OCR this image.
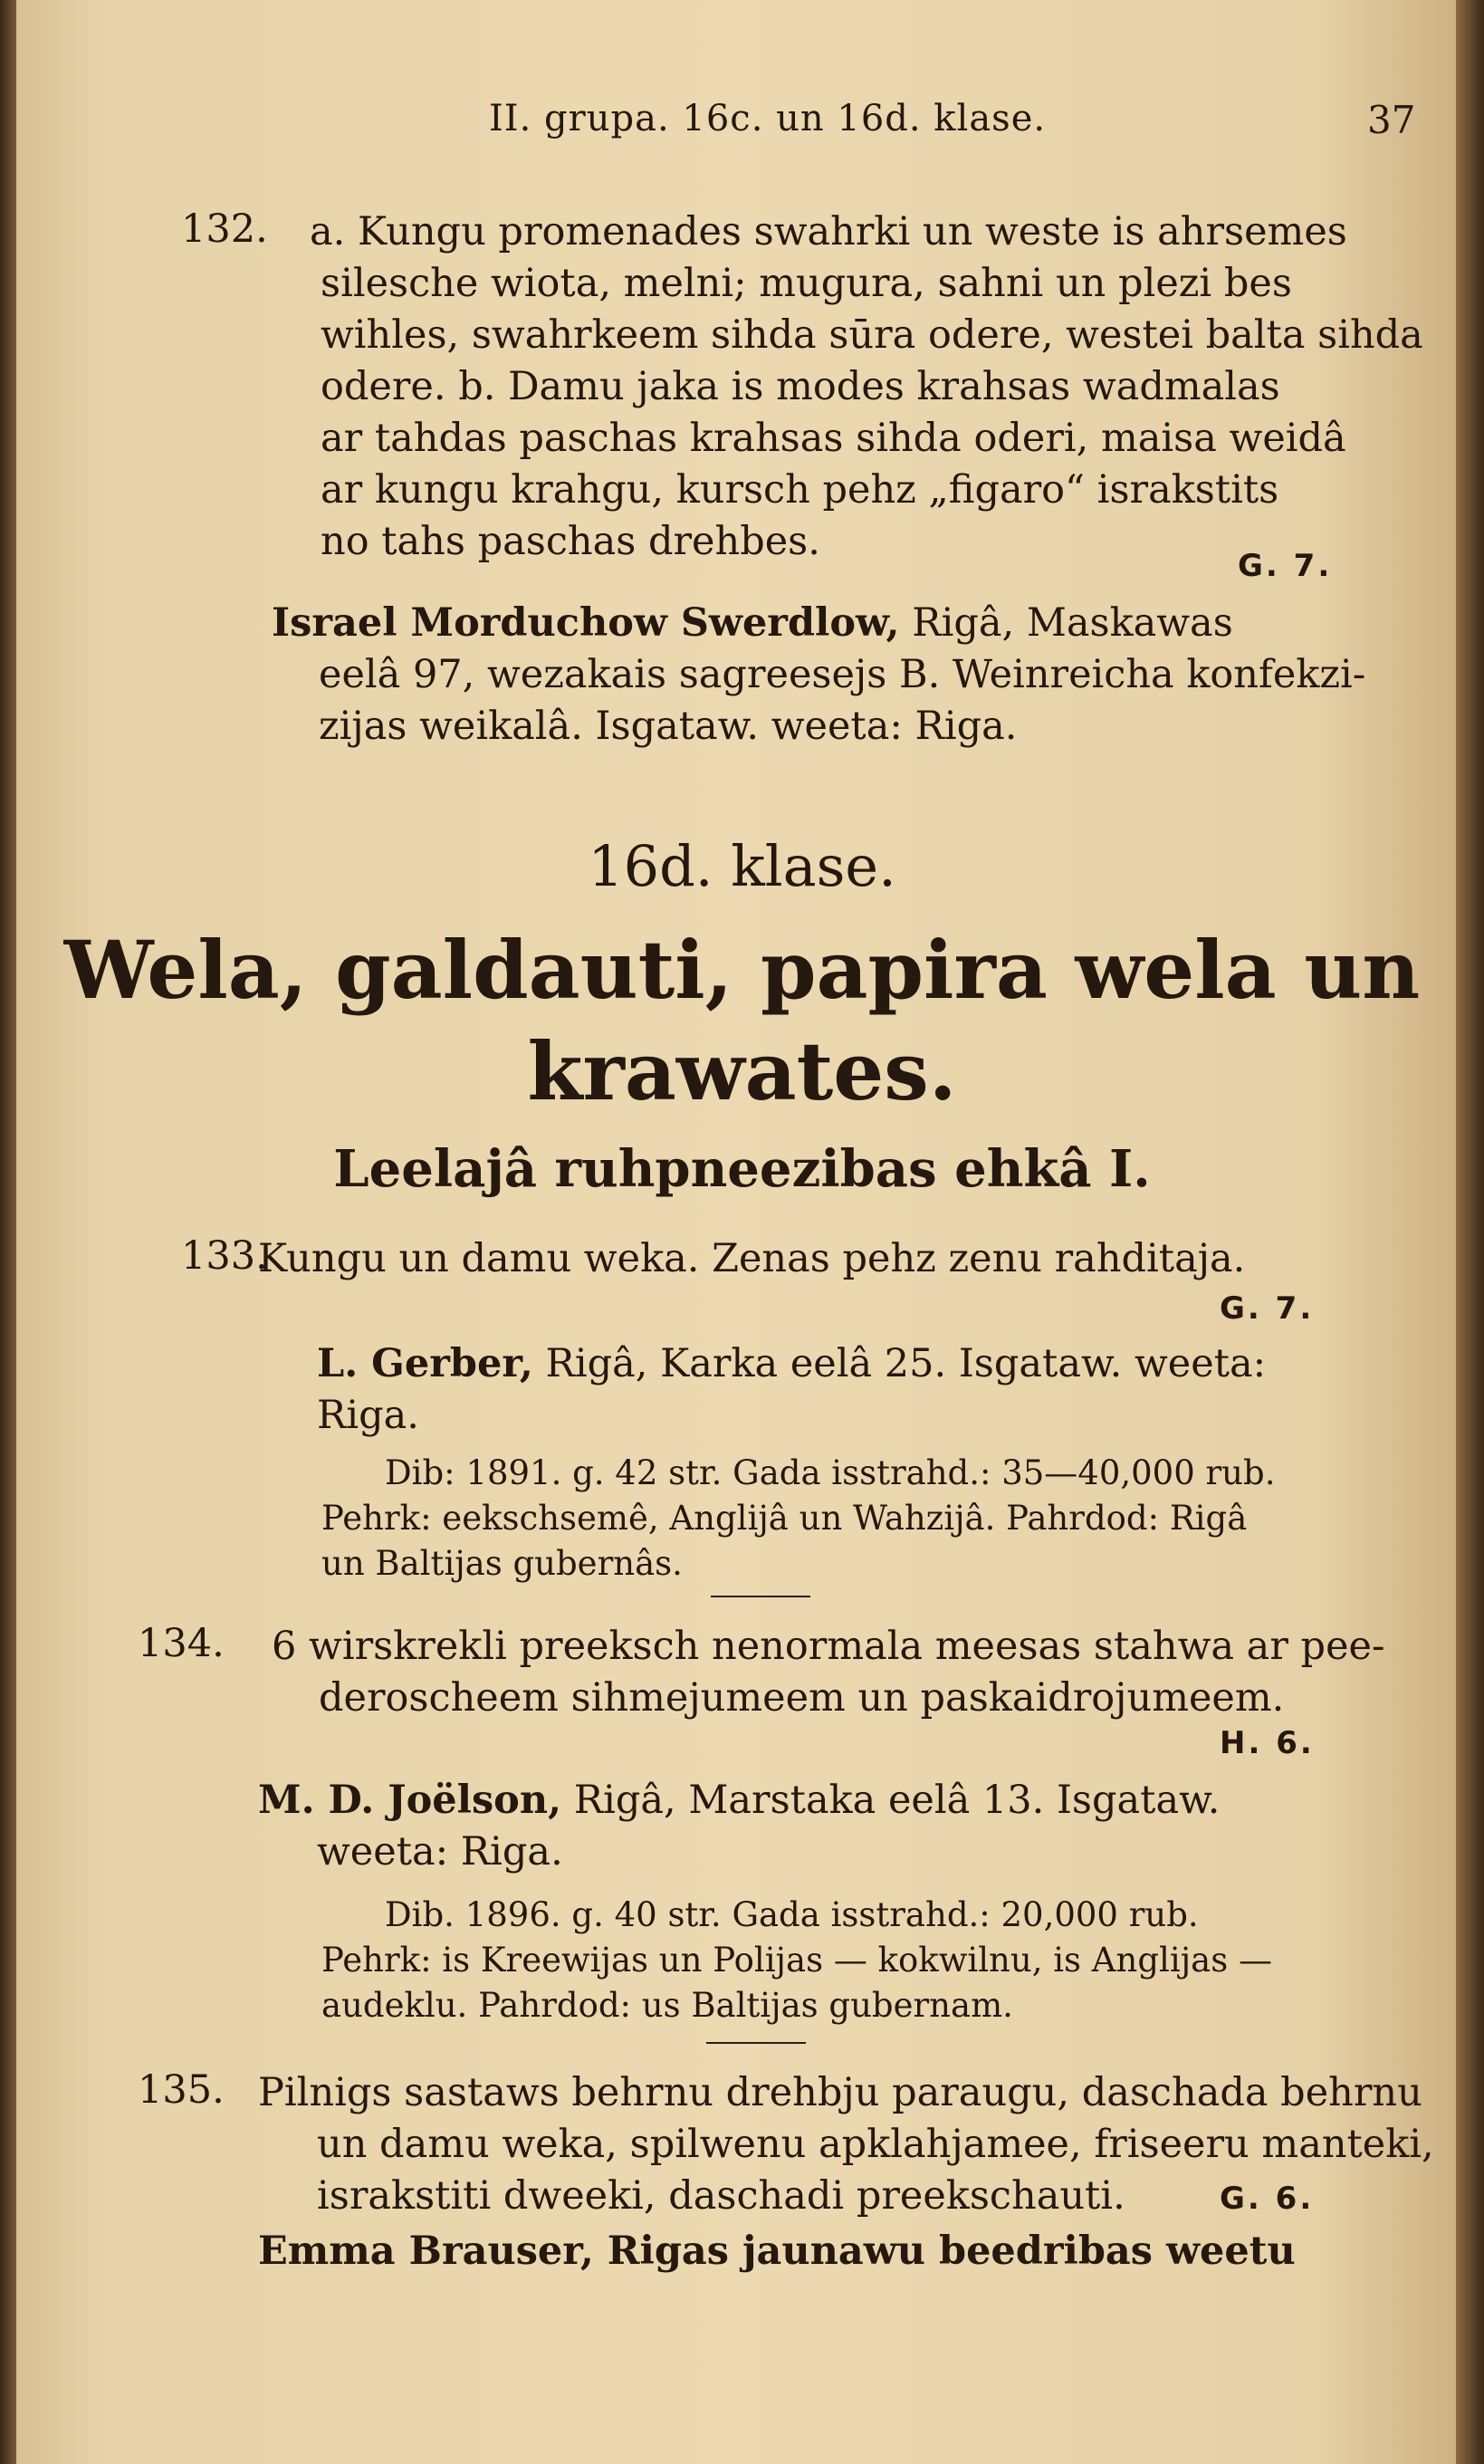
II. grupa. 16c. un 16d. klase.	37
132. a. Kungu promenades swahrki un weste is ahrsemes
silesche wiota, melni; mugura, sahni un plezi bes
wihles, swahrkeem sihda sūra odere, westei balta sihda
odere. b. Damu jaka is modes krahsas wadmalas
ar tahdas paschas krahsas sihda oderi, maisa weidâ
ar kungu krahgu, kursch pehz „figaro“ israkstits
no tahs paschas drehbes.
G. 7.
Israel Morduchow Swerdlow, Rigâ, Maskawas
eelâ 97, wezakais sagreesejs B. Weinreicha konfekzi-
zijas weikalâ. Isgataw. weeta: Riga.
16d. klase.
Wela, galdauti, papira wela un
krawates.
Leelajâ ruhpneezibas ehkâ I.
133.
Kungu un damu weka. Zenas pehz zenu rahditaja.
G. 7.
L. Gerber, Rigâ, Karka eelâ 25. Isgataw. weeta:
Riga.
Dib: 1891. g. 42 str. Gada isstrahd.: 35—40,000 rub.
Pehrk: eekschsemê, Anglijâ un Wahzijâ. Pahrdod: Rigâ
un Baltijas gubernâs.
134. 6 wirskrekli preeksch nenormala meesas stahwa ar pee-
deroscheem sihmejumeem un paskaidrojumeem.
H. 6.
M. D. Joëlson, Rigâ, Marstaka eelâ 13. Isgataw.
weeta: Riga.
Dib. 1896. g. 40 str. Gada isstrahd.: 20,000 rub.
Pehrk: is Kreewijas un Polijas — kokwilnu, is Anglijas —
audeklu. Pahrdod: us Baltijas gubernam.
135. Pilnigs sastaws behrnu drehbju paraugu, daschada behrnu
un damu weka, spilwenu apklahjamee, friseeru manteki,
israkstiti dweeki, daschadi preekschauti.	G. 6.
Emma Brauser, Rigas jaunawu beedribas weetu
